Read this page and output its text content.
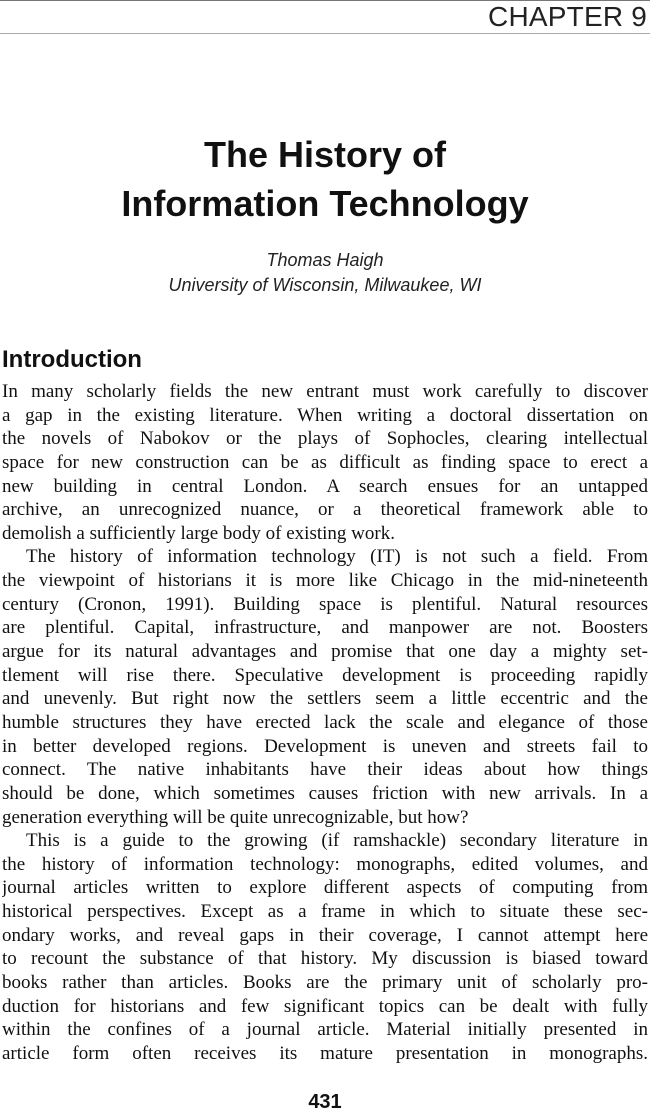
CHAPTER 9
The History of
Information Technology
Thomas Haigh
University of Wisconsin, Milwaukee, WI
Introduction
In many scholarly fields the new entrant must work carefully to discover
a gap in the existing literature. When writing a doctoral dissertation on
the novels of Nabokov or the plays of Sophocles, clearing intellectual
space for new construction can be as difficult as finding space to erect a
new building in central London. A search ensues for an untapped
archive, an unrecognized nuance, or a theoretical framework able to
demolish a sufficiently large body of existing work.
The history of information technology (IT) is not such a field. From
the viewpoint of historians it is more like Chicago in the mid-nineteenth
century (Cronon, 1991). Building space is plentiful. Natural resources
are plentiful. Capital, infrastructure, and manpower are not. Boosters
argue for its natural advantages and promise that one day a mighty set-
tlement will rise there. Speculative development is proceeding rapidly
and unevenly. But right now the settlers seem a little eccentric and the
humble structures they have erected lack the scale and elegance of those
in better developed regions. Development is uneven and streets fail to
connect. The native inhabitants have their ideas about how things
should be done, which sometimes causes friction with new arrivals. In a
generation everything will be quite unrecognizable, but how?
This is a guide to the growing (if ramshackle) secondary literature in
the history of information technology: monographs, edited volumes, and
journal articles written to explore different aspects of computing from
historical perspectives. Except as a frame in which to situate these sec-
ondary works, and reveal gaps in their coverage, I cannot attempt here
to recount the substance of that history. My discussion is biased toward
books rather than articles. Books are the primary unit of scholarly pro-
duction for historians and few significant topics can be dealt with fully
within the confines of a journal article. Material initially presented in
article form often receives its mature presentation in monographs.
431
